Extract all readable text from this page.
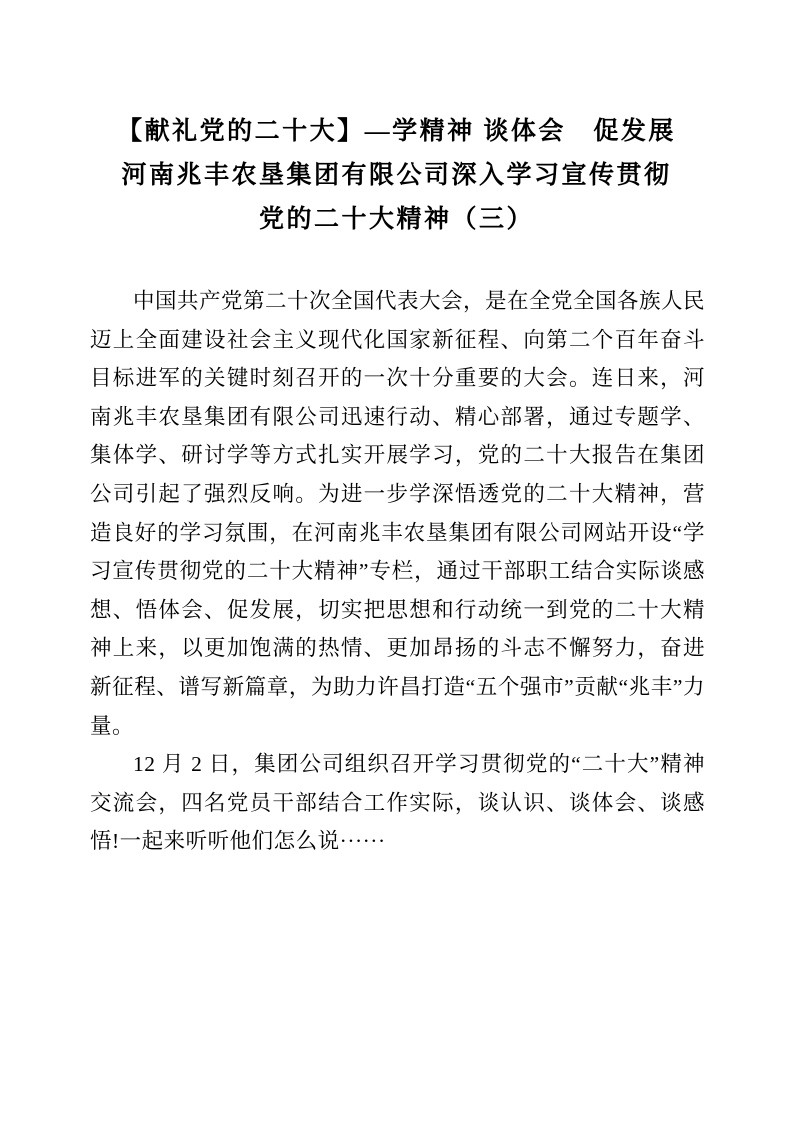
【献礼党的二十大】—学精神 谈体会　促发展
河南兆丰农垦集团有限公司深入学习宣传贯彻
党的二十大精神（三）

中国共产党第二十次全国代表大会，是在全党全国各族人民迈上全面建设社会主义现代化国家新征程、向第二个百年奋斗目标进军的关键时刻召开的一次十分重要的大会。连日来，河南兆丰农垦集团有限公司迅速行动、精心部署，通过专题学、集体学、研讨学等方式扎实开展学习，党的二十大报告在集团公司引起了强烈反响。为进一步学深悟透党的二十大精神，营造良好的学习氛围，在河南兆丰农垦集团有限公司网站开设“学习宣传贯彻党的二十大精神”专栏，通过干部职工结合实际谈感想、悟体会、促发展，切实把思想和行动统一到党的二十大精神上来，以更加饱满的热情、更加昂扬的斗志不懈努力，奋进新征程、谱写新篇章，为助力许昌打造“五个强市”贡献“兆丰”力量。

12 月 2 日，集团公司组织召开学习贯彻党的“二十大”精神交流会，四名党员干部结合工作实际，谈认识、谈体会、谈感悟!一起来听听他们怎么说······
